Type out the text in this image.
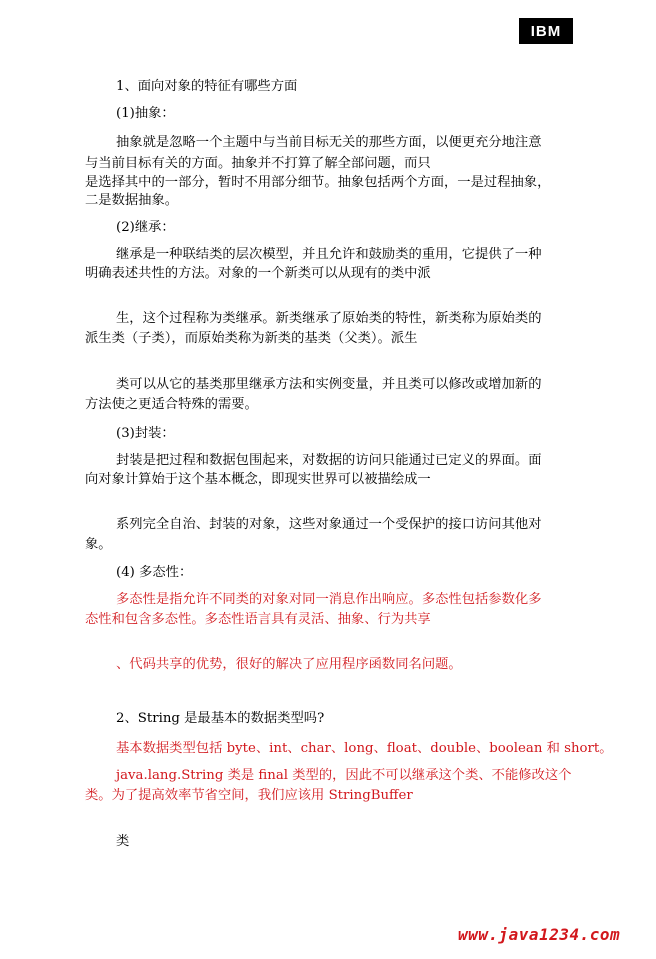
IBM
1、面向对象的特征有哪些方面
(1)抽象：
抽象就是忽略一个主题中与当前目标无关的那些方面，以便更充分地注意
与当前目标有关的方面。抽象并不打算了解全部问题，而只
是选择其中的一部分，暂时不用部分细节。抽象包括两个方面，一是过程抽象，
二是数据抽象。
(2)继承：
继承是一种联结类的层次模型，并且允许和鼓励类的重用，它提供了一种
明确表述共性的方法。对象的一个新类可以从现有的类中派
生，这个过程称为类继承。新类继承了原始类的特性，新类称为原始类的
派生类（子类），而原始类称为新类的基类（父类）。派生
类可以从它的基类那里继承方法和实例变量，并且类可以修改或增加新的
方法使之更适合特殊的需要。
(3)封装：
封装是把过程和数据包围起来，对数据的访问只能通过已定义的界面。面
向对象计算始于这个基本概念，即现实世界可以被描绘成一
系列完全自治、封装的对象，这些对象通过一个受保护的接口访问其他对
象。
(4) 多态性：
多态性是指允许不同类的对象对同一消息作出响应。多态性包括参数化多
态性和包含多态性。多态性语言具有灵活、抽象、行为共享
、代码共享的优势，很好的解决了应用程序函数同名问题。
2、String 是最基本的数据类型吗?
基本数据类型包括 byte、int、char、long、float、double、boolean 和 short。
java.lang.String 类是 final 类型的，因此不可以继承这个类、不能修改这个
类。为了提高效率节省空间，我们应该用 StringBuffer
类
www.java1234.com
